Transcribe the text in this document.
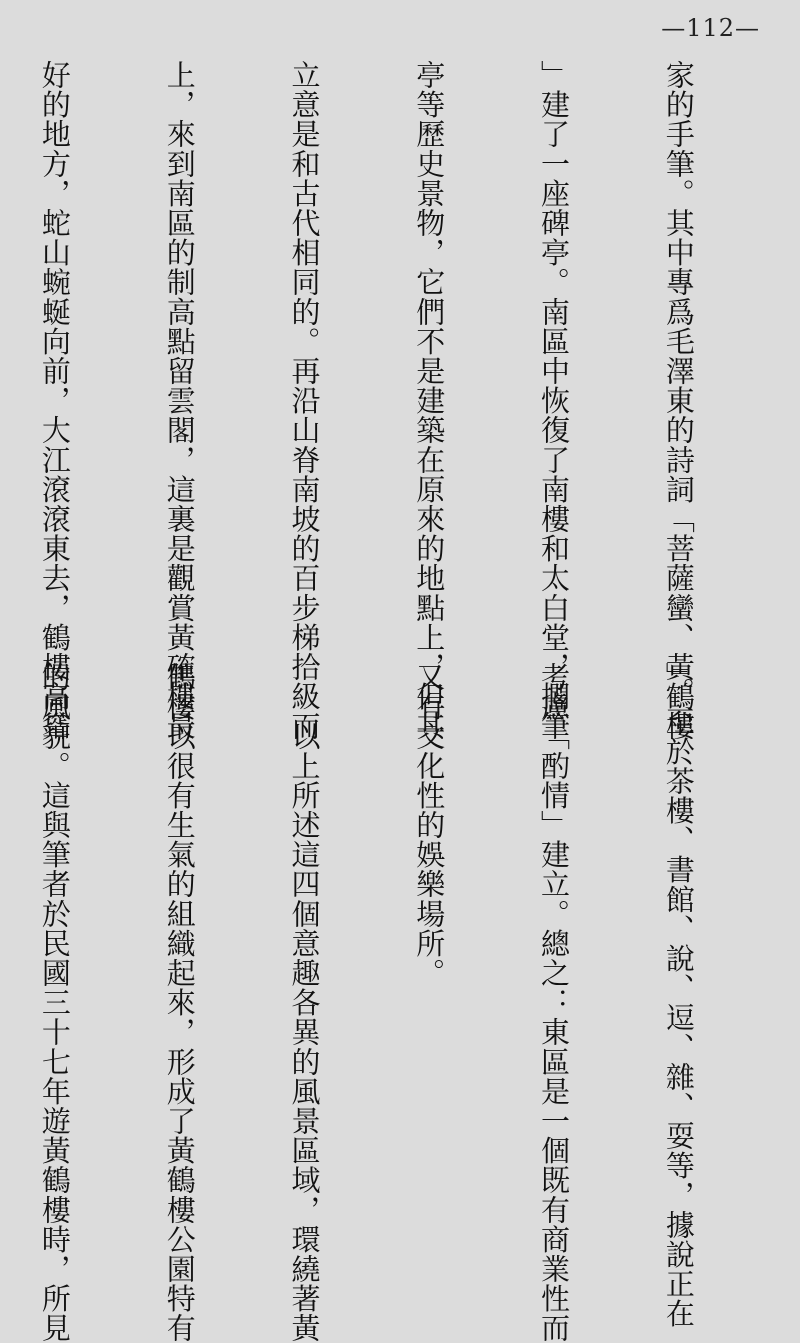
—112—

家的手筆。其中專爲毛澤東的詩詞「菩薩蠻、黃鶴樓

」建了一座碑亭。南區中恢復了南樓和太白堂，擱筆

亭等歷史景物，它們不是建築在原來的地點上，但其

立意是和古代相同的。再沿山脊南坡的百步梯拾級而

上，來到南區的制高點留雲閣，這裏是觀賞黃確樓最

好的地方，蛇山蜿蜒向前，大江滾滾東去，鶴樓高聳

」。至於茶樓、書館、說、逗、雜、耍等，據說正在

考慮「酌情」建立。總之：東區是一個既有商業性而

又有文化性的娛樂場所。

　　以上所述這四個意趣各異的風景區域，環繞著黃

鶴樓以很有生氣的組織起來，形成了黃鶴樓公園特有

的風貌。這與筆者於民國三十七年遊黃鶴樓時，所見
